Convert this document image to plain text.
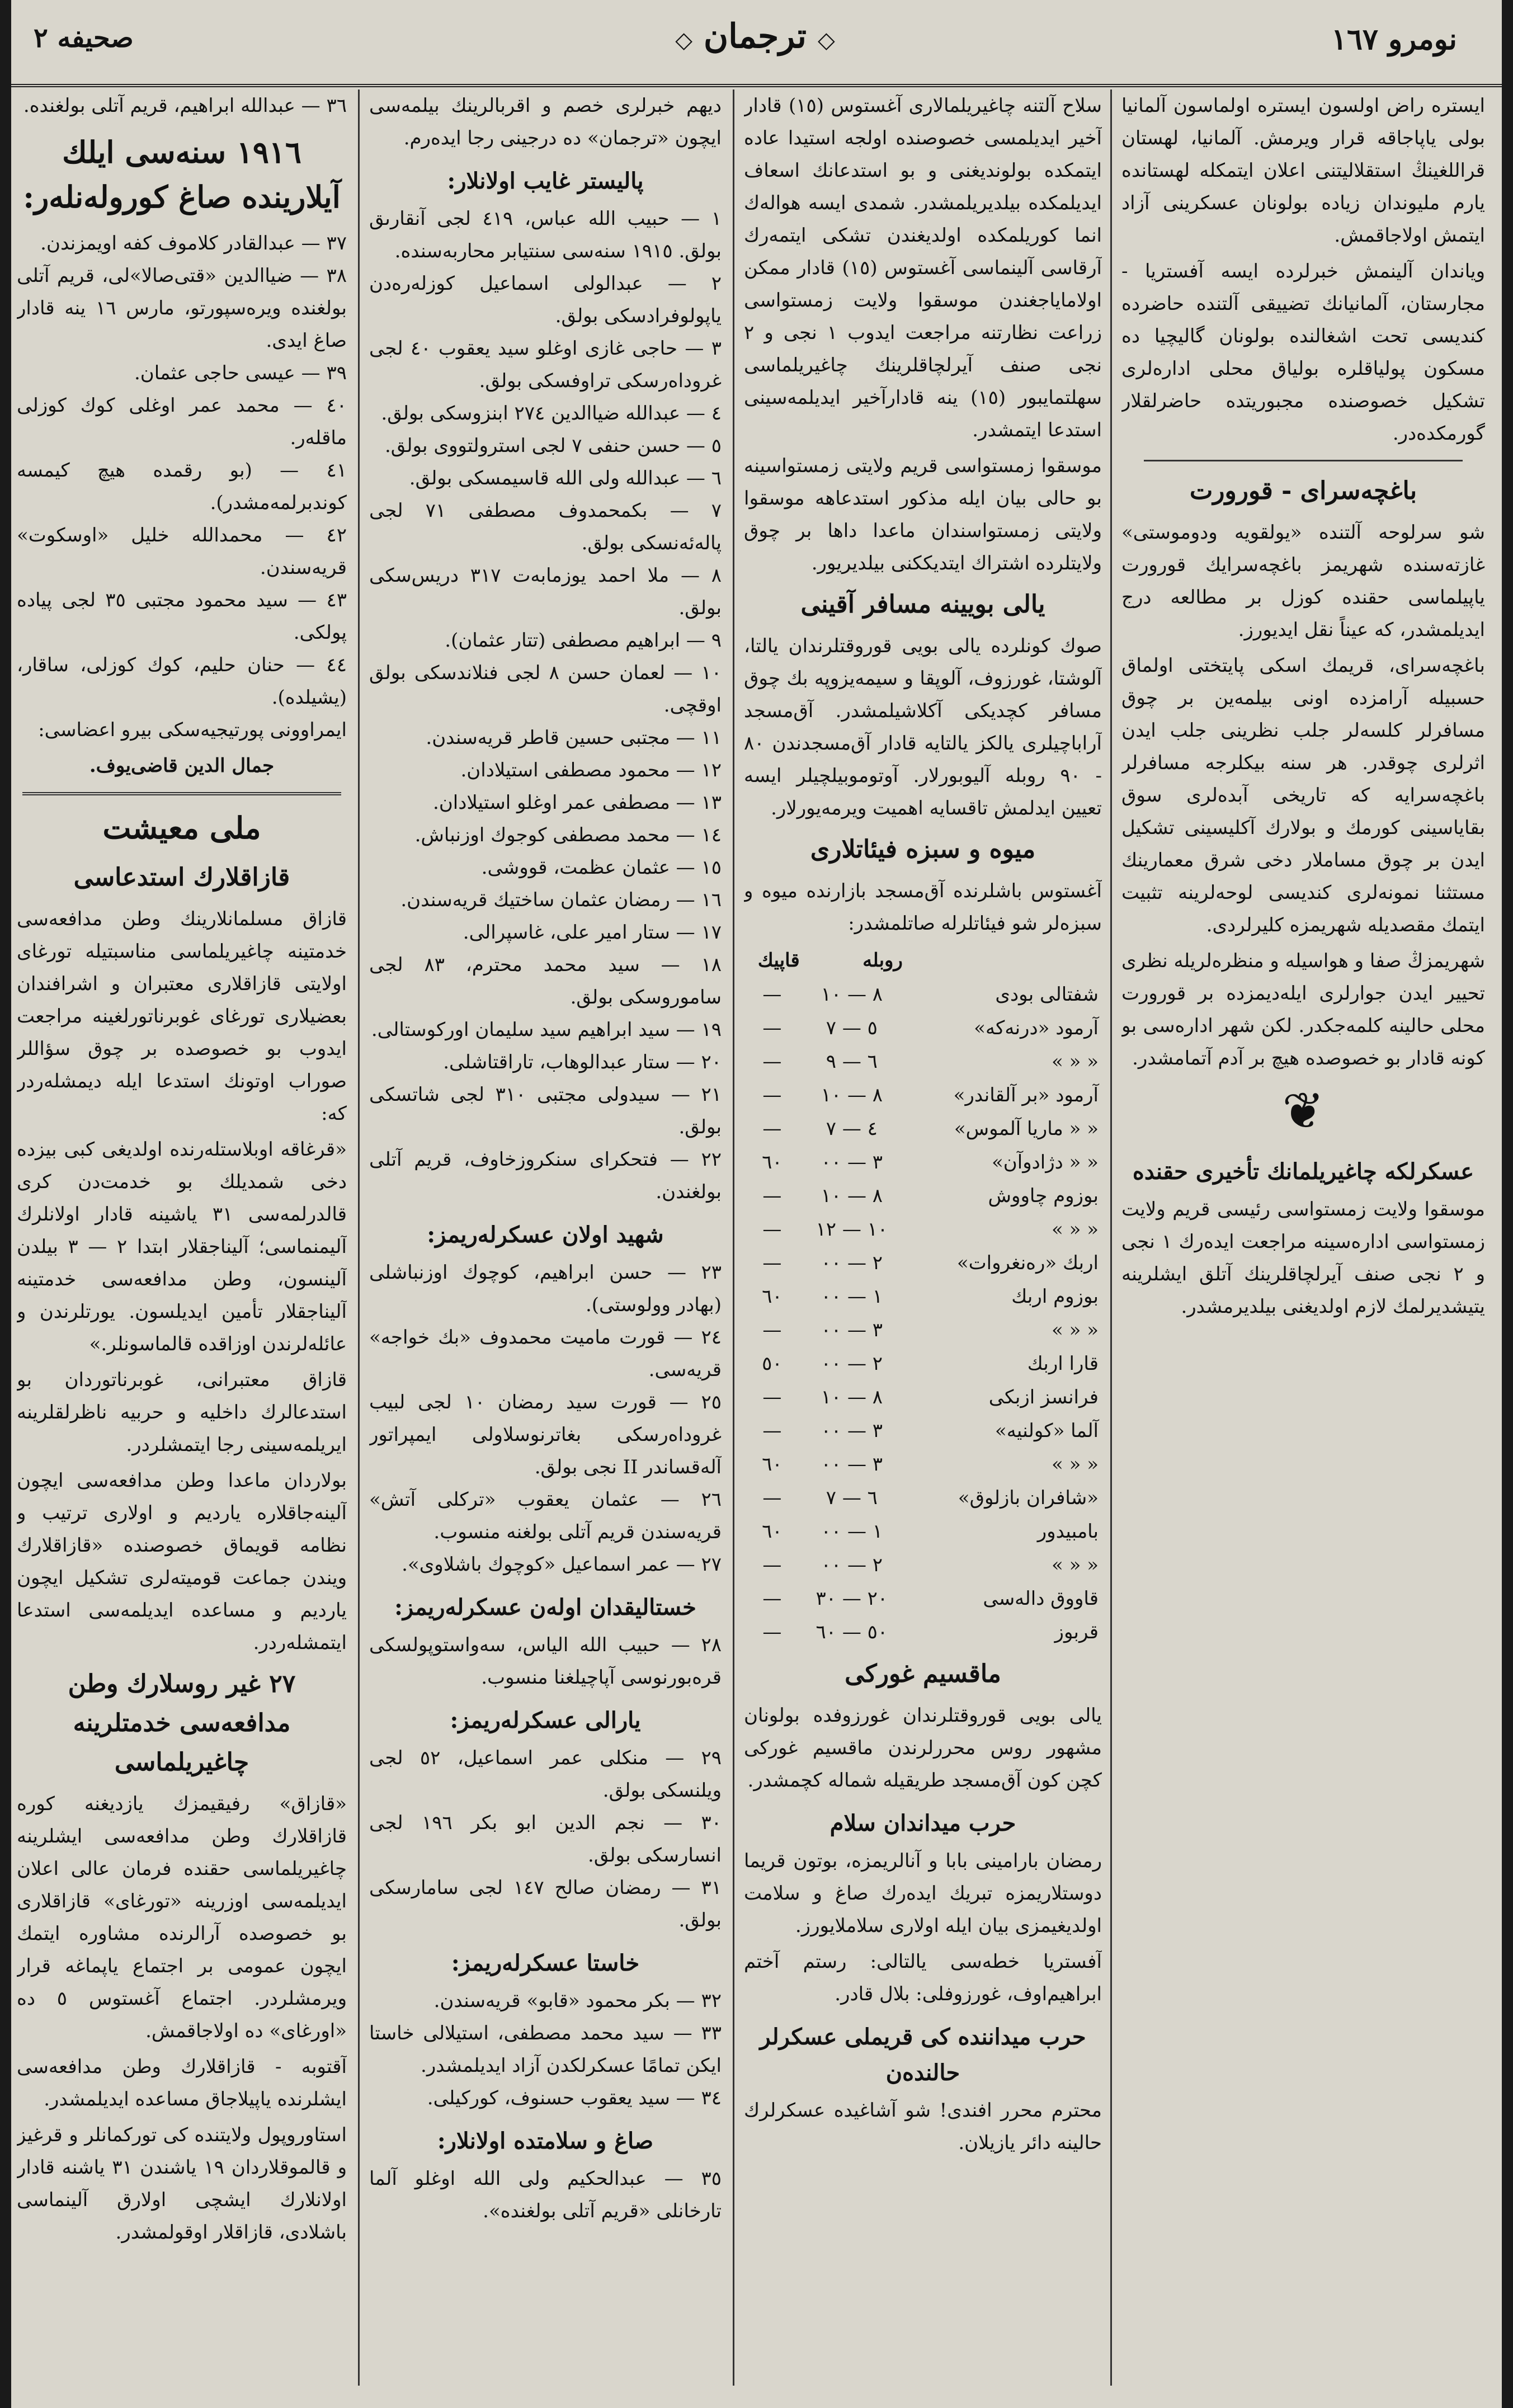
صحيفه ٢	◇ ترجمان ◇	نومرو ١٦٧

ايستره راض اولسون ايستره اولماسون آلمانيا بولى ياپاجاقه قرار ويرمش. آلمانيا، لهستان قراللغينڭ استقلاليتنى اعلان ايتمكله لهستانده يارم مليوندان زياده بولونان عسكرينى آزاد ايتمش اولاجاقمش.

وياندان آلينمش خبرلرده ايسه آفستريا - مجارستان، آلمانيانك تضييقى آلتنده حاضرده كنديسى تحت اشغالنده بولونان گاليچيا ده مسكون پولياقلره بولياق محلى اداره‌لرى تشكيل خصوصنده مجبوريتده حاضرلقلار گورمكده‌در.

باغچه‌سراى - قورورت

شو سرلوحه آلتنده «يولقويه ودوموستى» غازته‌سنده شهريمز باغچه‌سرايك قورورت ياپيلماسى حقنده كوزل بر مطالعه درج ايديلمشدر، كه عيناً نقل ايديورز.

باغچه‌سراى، قريمك اسكى پايتختى اولماق حسبيله آرامزده اونى بيلمه‌ين بر چوق مسافرلر كلسه‌لر جلب نظرينى جلب ايدن اثرلرى چوقدر. هر سنه بيكلرجه مسافرلر باغچه‌سرايه كه تاريخى آبده‌لرى سوق بقاياسينى كورمك و بولارك آكليسينى تشكيل ايدن بر چوق مساملار دخى شرق معمارينك مستثنا نمونه‌لرى كنديسى لوحه‌لرينه تثبيت ايتمك مقصديله شهريمزه كليرلردى.

شهريمزڭ صفا و هواسيله و منظره‌لريله نظرى تحيير ايدن جوارلرى ايله‌ديمزده بر قورورت محلى حالينه كلمه‌جكدر. لكن شهر اداره‌سى بو كونه قادار بو خصوصده هيچ بر آدم آتمامشدر.

❦
عسكرلكه چاغيريلمانك تأخيرى حقنده

موسقوا ولايت زمستواسى رئيسى قريم ولايت زمستواسى اداره‌سينه مراجعت ايده‌رك ١ نجى و ٢ نجى صنف آيرلچاقلرينك آتلق ايشلرينه يتيشديرلمك لازم اولديغنى بيلديرمشدر.

سلاح آلتنه چاغيريلمالارى آغستوس (١٥) قادار آخير ايديلمسى خصوصنده اولجه استيدا عاده ايتمكده بولونديغنى و بو استدعانك اسعاف ايديلمكده بيلديريلمشدر. شمدى ايسه هواله‌ك انما كوريلمكده اولديغندن تشكى ايتمه‌رك آرقاسى آلينماسى آغستوس (١٥) قادار ممكن اولاماياجغندن موسقوا ولايت زمستواسى زراعت نظارتنه مراجعت ايدوب ١ نجى و ٢ نجى صنف آيرلچاقلرينك چاغيريلماسى سهلتمايبور (١٥) ينه قادارآخير ايديلمه‌سينى استدعا ايتمشدر.

موسقوا زمستواسى قريم ولايتى زمستواسينه بو حالى بيان ايله مذكور استدعاهه موسقوا ولايتى زمستواسندان ماعدا داها بر چوق ولايتلرده اشتراك ايتديككنى بيلديريور.

يالى بويينه مسافر آقينى

صوك كونلرده يالى بويى قوروقتلرندان يالتا، آلوشتا، غورزوف، آلوپقا و سيمه‌يزوپه بك چوق مسافر كچديكى آكلاشيلمشدر. آق‌مسجد آرابا‌چيلرى يالكز يالتايه قادار آق‌مسجدندن ٨٠ - ٩٠ روبله آليوبورلار. آوتوموبيلچيلر ايسه تعيين ايدلمش تاقسايه اهميت ويرمه‌يورلار.

ميوه و سبزه فيئاتلارى

آغستوس باشلرنده آق‌مسجد بازارنده ميوه و سبزه‌لر شو فيئاتلرله صاتلمشدر:

	روبله	قاپيك
شفتالى بودى	٨ — ١٠	—
آرمود «درنه‌كه»	٥ — ٧	—
« « »	٦ — ٩	—
آرمود «بر آلقاندر»	٨ — ١٠	—
« « ماريا آلموس»	٤ — ٧	—
« « دژادوآن»	٣ — ٠٠	٦٠
بوزوم چاووش	٨ — ١٠	—
« « »	١٠ — ١٢	—
اربك «رەنغروات»	٢ — ٠٠	—
بوزوم اربك	١ — ٠٠	٦٠
« « »	٣ — ٠٠	—
قارا اربك	٢ — ٠٠	٥٠
فرانسز ازبكى	٨ — ١٠	—
آلما «كولنيه»	٣ — ٠٠	—
« « »	٣ — ٠٠	٦٠
«شافران بازلوق»	٦ — ٧	—
بامبيدور	١ — ٠٠	٦٠
« « »	٢ — ٠٠	—
قاووق داله‌سى	٢٠ — ٣٠	—
قربوز	٥٠ — ٦٠	—
ماقسيم غوركى

يالى بويى قوروقتلرندان غورزوفده بولونان مشهور روس محررلرندن ماقسيم غوركى كچن كون آق‌مسجد طريقيله شماله كچمشدر.

حرب ميداندان سلام

رمضان بارامينى بابا و آنالريمزه، بوتون قريما دوستلاريمزه تبريك ايدەرك صاغ و سلامت اولديغيمزى بيان ايله اولارى سلاملايورز.

آفستريا خطه‌سى يالتالى: رستم آختم ابراهيم‌اوف، غورزوفلى: بلال قادر.

حرب ميداننده كى قريملى عسكرلر حالندەن

محترم محرر افندى! شو آشاغيده عسكرلرك حالينه دائر يازيلان.

ديهم خبرلرى خصم و اقربالرينك بيلمه‌سى ايچون «ترجمان» ده درجينى رجا ايدەرم.

پاليستر غايب اولانلار:
١ — حبيب الله عباس، ٤١٩ لجى آنقارىق بولق. ١٩١٥ سنه‌سى سنتيابر محاربه‌سنده.
٢ — عبدالولى اسماعيل كوزلەرەدن ياپولوفرادسكى بولق.
٣ — حاجى غازى اوغلو سيد يعقوب ٤٠ لجى غروداەرسكى تراوفسكى بولق.
٤ — عبدالله ضياالدين ٢٧٤ ابنزوسكى بولق.
٥ — حسن حنفى ٧ لجى استرولتووى بولق.
٦ — عبدالله ولى الله قاسيمسكى بولق.
٧ — بكمحمدوف مصطفى ٧١ لجى پاله‌ئەنسكى بولق.
٨ — ملا احمد يوزمابەت ٣١٧ دريس‌سكى بولق.
٩ — ابراهيم مصطفى (تتار عثمان).
١٠ — لعمان حسن ٨ لجى فنلاندسكى بولق اوقچى.
١١ — مجتبى حسين قاطر قريه‌سندن.
١٢ — محمود مصطفى استيلادان.
١٣ — مصطفى عمر اوغلو استيلادان.
١٤ — محمد مصطفى كوجوك اوزنباش.
١٥ — عثمان عظمت، قووشى.
١٦ — رمضان عثمان ساختيك قريه‌سندن.
١٧ — ستار امير على، غاسپرالى.
١٨ — سيد محمد محترم، ٨٣ لجى ساموروسكى بولق.
١٩ — سيد ابراهيم سيد سليمان اوركوستالى.
٢٠ — ستار عبدالوهاب، تاراقتاشلى.
٢١ — سيدولى مجتبى ٣١٠ لجى شاتسكى بولق.
٢٢ — فتحكراى سنكروزخاوف، قريم آتلى بولغندن.
شهيد اولان عسكرلەريمز:
٢٣ — حسن ابراهيم، كوچوك اوزنباشلى (بهادر وولوستى).
٢٤ — قورت ماميت محمدوف «بك خواجه» قريه‌سى.
٢٥ — قورت سيد رمضان ١٠ لجى لبيب غروداەرسكى بغاترنوسلاولى ايمپراتور آلەقساندر II نجى بولق.
٢٦ — عثمان يعقوب «تركلى آتش» قريه‌سندن قريم آتلى بولغنه منسوب.
٢٧ — عمر اسماعيل «كوچوك باشلاوى».
خستاليقدان اولەن عسكرلەريمز:
٢٨ — حبيب الله الياس، سەواستوپولسكى قره‌بورنوسى آپاچيلغنا منسوب.
يارالى عسكرلەريمز:
٢٩ — منكلى عمر اسماعيل، ٥٢ لجى ويلنسكى بولق.
٣٠ — نجم الدين ابو بكر ١٩٦ لجى انسارسكى بولق.
٣١ — رمضان صالح ١٤٧ لجى سامارسكى بولق.
خاستا عسكرلەريمز:
٣٢ — بكر محمود «قابو» قريه‌سندن.
٣٣ — سيد محمد مصطفى، استيلالى خاستا ايكن تمامًا عسكرلكدن آزاد ايديلمشدر.
٣٤ — سيد يعقوب حسنوف، كوركيلى.
صاغ و سلامتده اولانلار:
٣٥ — عبدالحكيم ولى الله اوغلو آلما تارخانلى «قريم آتلى بولغنده».
٣٦ — عبدالله ابراهيم، قريم آتلى بولغنده.
١٩١٦ سنه‌سى ايلك آيلارينده صاغ كوروله‌نلەر:
٣٧ — عبدالقادر كلاموف كفه اويمزندن.
٣٨ — ضياالدين «قتى‌صالا»لى، قريم آتلى بولغنده ويرەسپورتو، مارس ١٦ ينه قادار صاغ ايدى.
٣٩ — عيسى حاجى عثمان.
٤٠ — محمد عمر اوغلى كوك كوزلى ماقلەر.
٤١ — (بو رقمده هيچ كيمسه كوندبرلمه‌مشدر).
٤٢ — محمدالله خليل «اوسكوت» قريه‌سندن.
٤٣ — سيد محمود مجتبى ٣٥ لجى پياده پولكى.
٤٤ — حنان حليم، كوك كوزلى، ساقار، (يشيلده).

ايمراوونى پورتيجيه‌سكى بيرو اعضاسى:

جمال الدين قاضى‌يوف.

ملى معيشت
قازاقلارك استدعاسى

قازاق مسلمانلارينك وطن مدافعه‌سى خدمتينه چاغيريلماسى مناسبتيله تورغاى اولايتى قازاقلارى معتبران و اشرافندان بعضيلارى تورغاى غوبرناتورلغينه مراجعت ايدوب بو خصوصده بر چوق سؤاللر صوراب اوتونك استدعا ايله ديمشلەردر كه:

«قرغاقه اوبلاستلەرنده اولديغى كبى بيزده دخى شمديلك بو خدمت‌دن كرى قالدرلمه‌سى ۳۱ ياشينە قادار اولانلرك آليمنماسى؛ آليناجقلار ابتدا ۲ — ۳ بيلدن آلينسون، وطن مدافعه‌سى خدمتينه آليناجقلار تأمين ايديلسون. يورتلرندن و عائله‌لرندن اوزاقده قالماسونلر.»

قازاق معتبرانى، غوبرناتوردان بو استدعالرك داخليه و حربيه ناظرلقلرينه ايريلمه‌سينى رجا ايتمشلردر.

بولاردان ماعدا وطن مدافعه‌سى ايچون آلينه‌جاقلاره يارديم و اولارى ترتيب و نظامه قويماق خصوصنده «قازاقلارك ويندن جماعت قوميته‌لرى تشكيل ايچون يارديم و مساعده ايديلمه‌سى استدعا ايتمشلەردر.

٢٧ غير روسلارك وطن مدافعه‌سى خدمتلرينه چاغيريلماسى

«قازاق» رفيقيمزك يازديغنه كوره قازاقلارك وطن مدافعه‌سى ايشلرينه چاغيريلماسى حقنده فرمان عالى اعلان ايديلمه‌سى اوزرينه «تورغاى» قازاقلارى بو خصوصده آرالرنده مشاوره ايتمك ايچون عمومى بر اجتماع ياپماغه قرار ويرمشلردر. اجتماع آغستوس ٥ ده «اورغاى» ده اولاجاقمش.

آقتوبه - قازاقلارك وطن مدافعه‌سى ايشلرنده ياپيلاجاق مساعده ايديلمشدر.

استاوروپول ولايتنده كى توركمانلر و قرغيز و قالموقلاردان ١٩ ياشندن ٣١ ياشنه قادار اولانلارك ايشچى اولارق آلينماسى باشلادى، قازاقلار اوقولمشدر.
